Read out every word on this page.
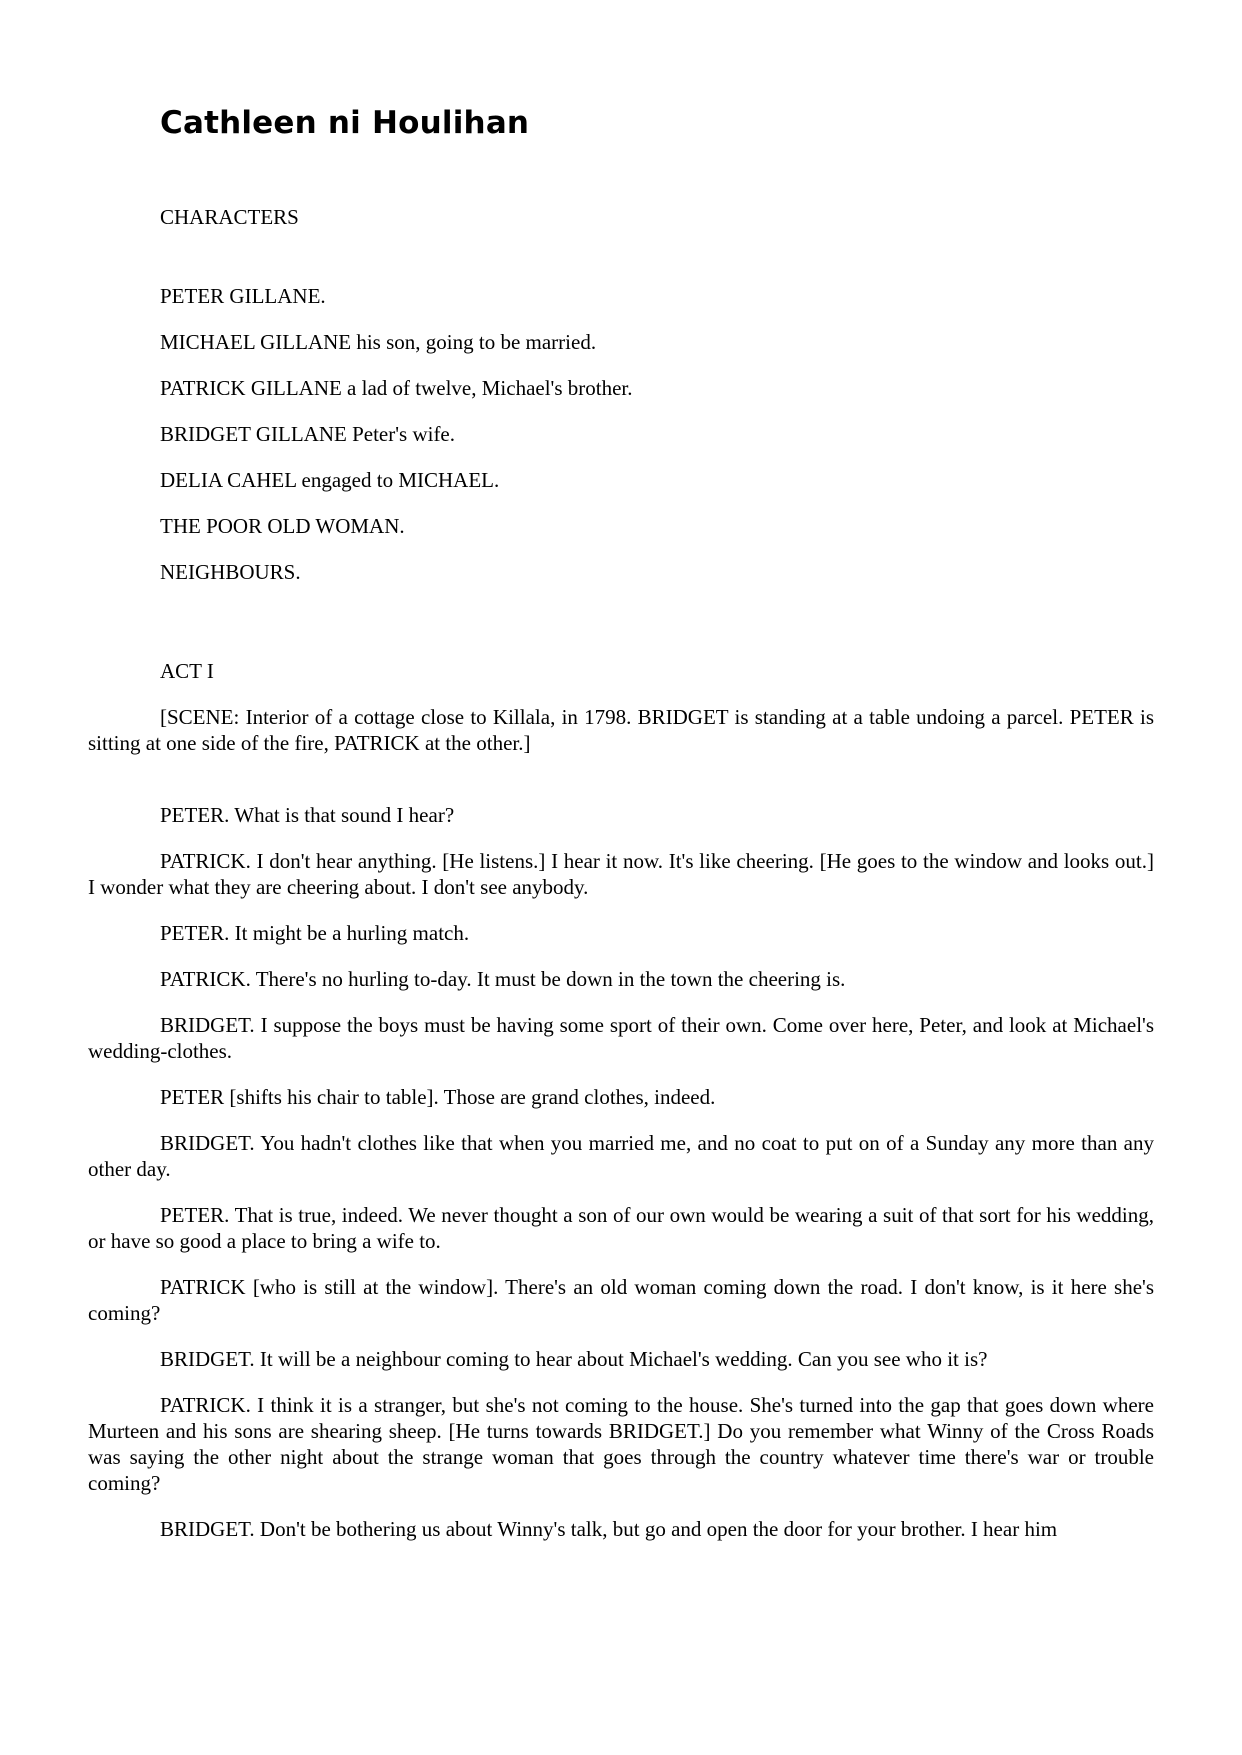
Cathleen ni Houlihan

CHARACTERS

PETER GILLANE.

MICHAEL GILLANE his son, going to be married.

PATRICK GILLANE a lad of twelve, Michael's brother.

BRIDGET GILLANE Peter's wife.

DELIA CAHEL engaged to MICHAEL.

THE POOR OLD WOMAN.

NEIGHBOURS.

ACT I

[SCENE: Interior of a cottage close to Killala, in 1798. BRIDGET is standing at a table undoing a parcel. PETER is sitting at one side of the fire, PATRICK at the other.]

PETER. What is that sound I hear?

PATRICK. I don't hear anything. [He listens.] I hear it now. It's like cheering. [He goes to the window and looks out.] I wonder what they are cheering about. I don't see anybody.

PETER. It might be a hurling match.

PATRICK. There's no hurling to-day. It must be down in the town the cheering is.

BRIDGET. I suppose the boys must be having some sport of their own. Come over here, Peter, and look at Michael's wedding-clothes.

PETER [shifts his chair to table]. Those are grand clothes, indeed.

BRIDGET. You hadn't clothes like that when you married me, and no coat to put on of a Sunday any more than any other day.

PETER. That is true, indeed. We never thought a son of our own would be wearing a suit of that sort for his wedding, or have so good a place to bring a wife to.

PATRICK [who is still at the window]. There's an old woman coming down the road. I don't know, is it here she's coming?

BRIDGET. It will be a neighbour coming to hear about Michael's wedding. Can you see who it is?

PATRICK. I think it is a stranger, but she's not coming to the house. She's turned into the gap that goes down where Murteen and his sons are shearing sheep. [He turns towards BRIDGET.] Do you remember what Winny of the Cross Roads was saying the other night about the strange woman that goes through the country whatever time there's war or trouble coming?

BRIDGET. Don't be bothering us about Winny's talk, but go and open the door for your brother. I hear him
